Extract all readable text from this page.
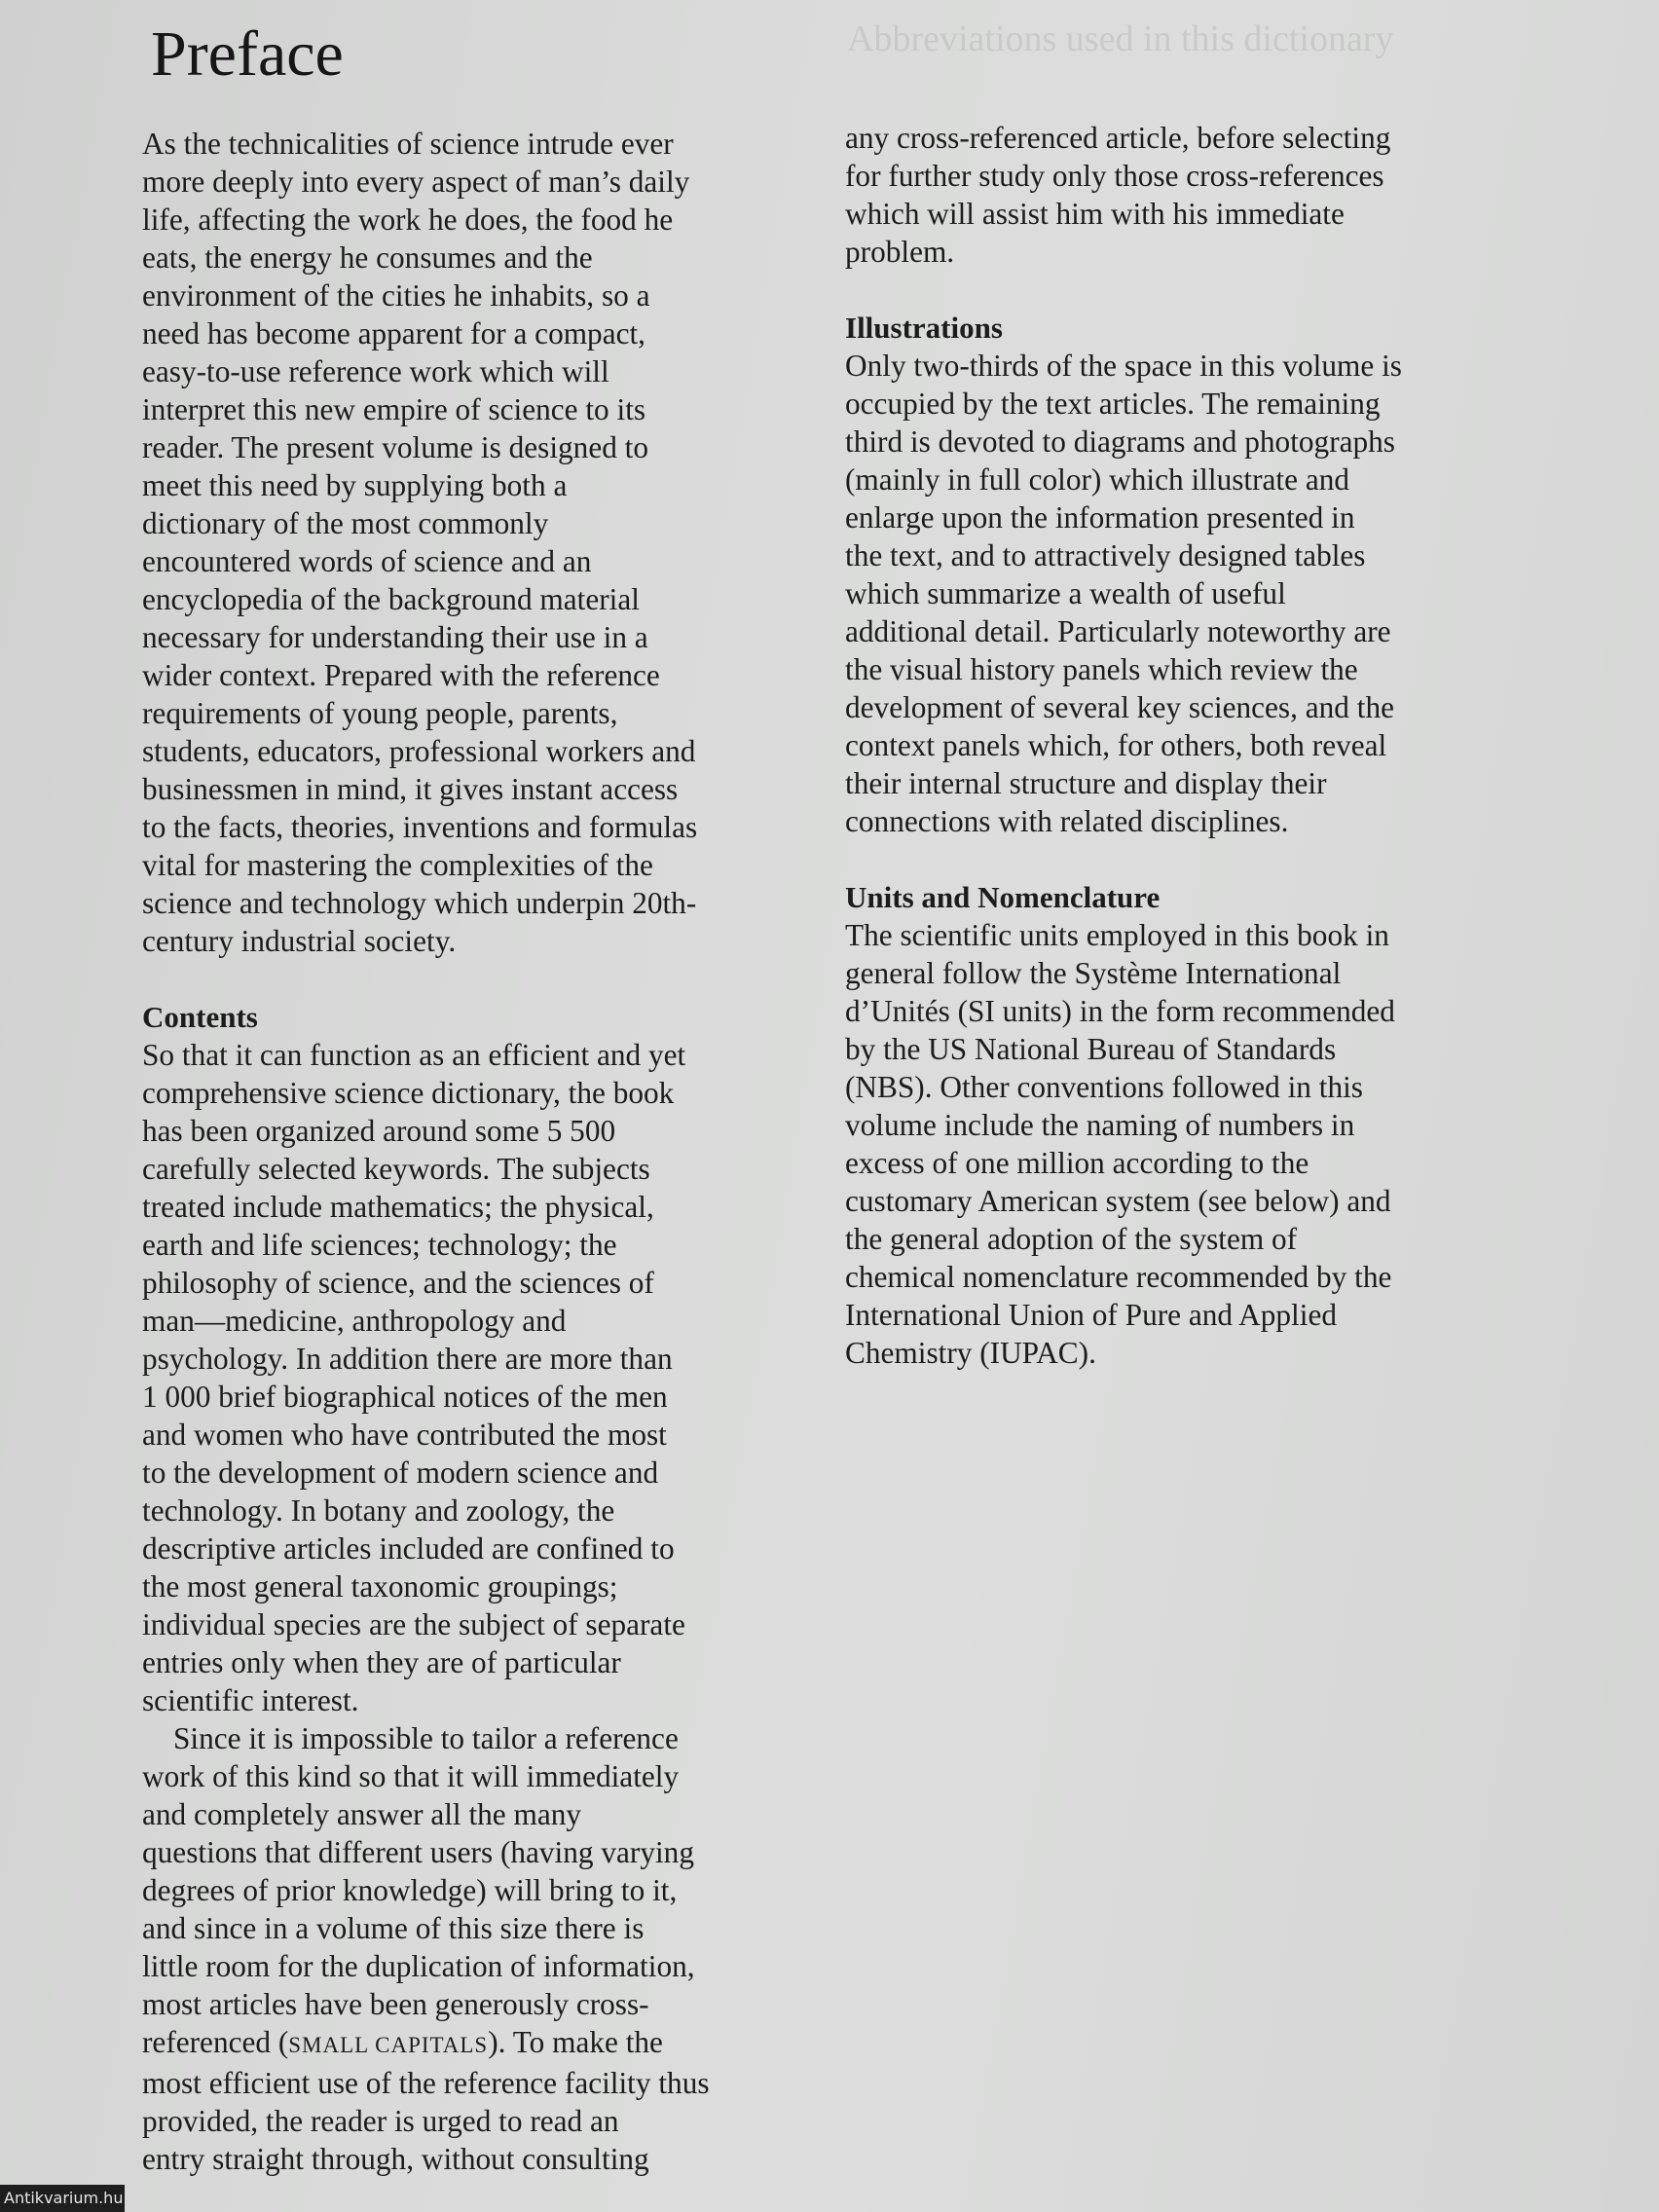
Abbreviations used in this dictionary
Preface
As the technicalities of science intrude ever
more deeply into every aspect of man’s daily
life, affecting the work he does, the food he
eats, the energy he consumes and the
environment of the cities he inhabits, so a
need has become apparent for a compact,
easy-to-use reference work which will
interpret this new empire of science to its
reader. The present volume is designed to
meet this need by supplying both a
dictionary of the most commonly
encountered words of science and an
encyclopedia of the background material
necessary for understanding their use in a
wider context. Prepared with the reference
requirements of young people, parents,
students, educators, professional workers and
businessmen in mind, it gives instant access
to the facts, theories, inventions and formulas
vital for mastering the complexities of the
science and technology which underpin 20th-
century industrial society.
Contents
So that it can function as an efficient and yet
comprehensive science dictionary, the book
has been organized around some 5 500
carefully selected keywords. The subjects
treated include mathematics; the physical,
earth and life sciences; technology; the
philosophy of science, and the sciences of
man—medicine, anthropology and
psychology. In addition there are more than
1 000 brief biographical notices of the men
and women who have contributed the most
to the development of modern science and
technology. In botany and zoology, the
descriptive articles included are confined to
the most general taxonomic groupings;
individual species are the subject of separate
entries only when they are of particular
scientific interest.
Since it is impossible to tailor a reference
work of this kind so that it will immediately
and completely answer all the many
questions that different users (having varying
degrees of prior knowledge) will bring to it,
and since in a volume of this size there is
little room for the duplication of information,
most articles have been generously cross-
referenced (SMALL CAPITALS). To make the
most efficient use of the reference facility thus
provided, the reader is urged to read an
entry straight through, without consulting
any cross-referenced article, before selecting
for further study only those cross-references
which will assist him with his immediate
problem.
Illustrations
Only two-thirds of the space in this volume is
occupied by the text articles. The remaining
third is devoted to diagrams and photographs
(mainly in full color) which illustrate and
enlarge upon the information presented in
the text, and to attractively designed tables
which summarize a wealth of useful
additional detail. Particularly noteworthy are
the visual history panels which review the
development of several key sciences, and the
context panels which, for others, both reveal
their internal structure and display their
connections with related disciplines.
Units and Nomenclature
The scientific units employed in this book in
general follow the Système International
d’Unités (SI units) in the form recommended
by the US National Bureau of Standards
(NBS). Other conventions followed in this
volume include the naming of numbers in
excess of one million according to the
customary American system (see below) and
the general adoption of the system of
chemical nomenclature recommended by the
International Union of Pure and Applied
Chemistry (IUPAC).
Antikvarium.hu
